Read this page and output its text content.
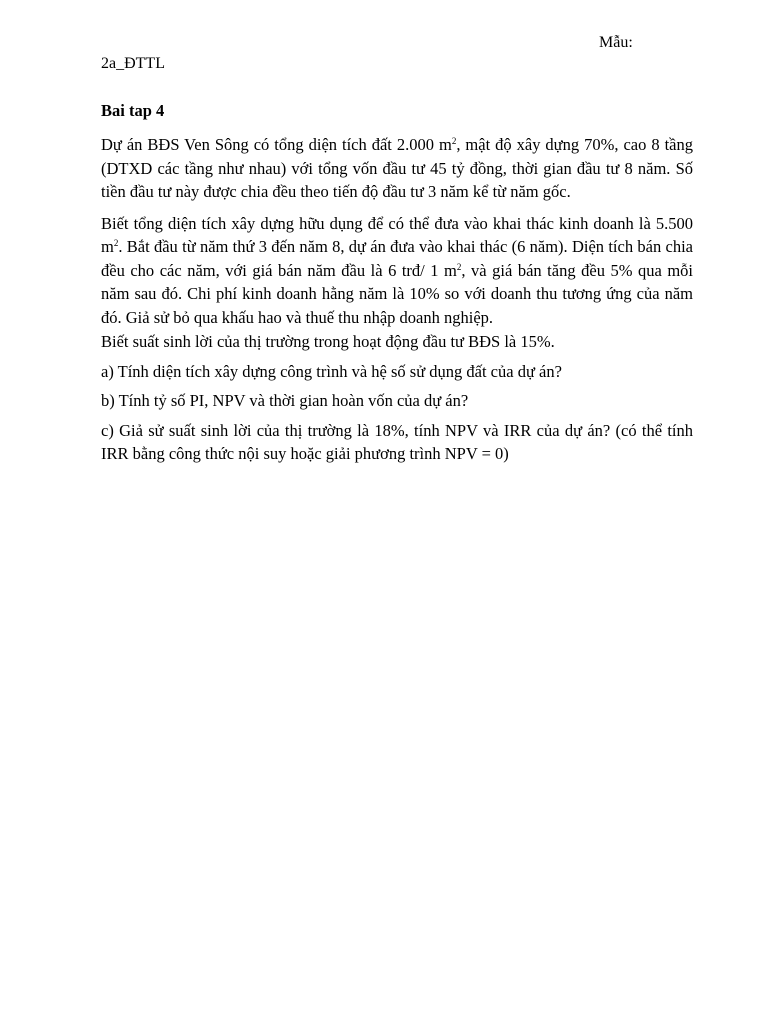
Mẫu:
2a_ĐTTL
Bai tap 4

Dự án BĐS Ven Sông có tổng diện tích đất 2.000 $m^2$, mật độ xây dựng 70%, cao 8 tầng (DTXD các tầng như nhau) với tổng vốn đầu tư 45 tỷ đồng, thời gian đầu tư 8 năm. Số tiền đầu tư này được chia đều theo tiến độ đầu tư 3 năm kể từ năm gốc.

Biết tổng diện tích xây dựng hữu dụng để có thể đưa vào khai thác kinh doanh là 5.500 $m^2$. Bắt đầu từ năm thứ 3 đến năm 8, dự án đưa vào khai thác (6 năm). Diện tích bán chia đều cho các năm, với giá bán năm đầu là 6 trđ/ 1 $m^2$, và giá bán tăng đều 5% qua mỗi năm sau đó. Chi phí kinh doanh hằng năm là 10% so với doanh thu tương ứng của năm đó. Giả sử bỏ qua khấu hao và thuế thu nhập doanh nghiệp.

Biết suất sinh lời của thị trường trong hoạt động đầu tư BĐS là 15%.

a) Tính diện tích xây dựng công trình và hệ số sử dụng đất của dự án?

b) Tính tỷ số PI, NPV và thời gian hoàn vốn của dự án?

c) Giả sử suất sinh lời của thị trường là 18%, tính NPV và IRR của dự án? (có thể tính IRR bằng công thức nội suy hoặc giải phương trình NPV = 0)
